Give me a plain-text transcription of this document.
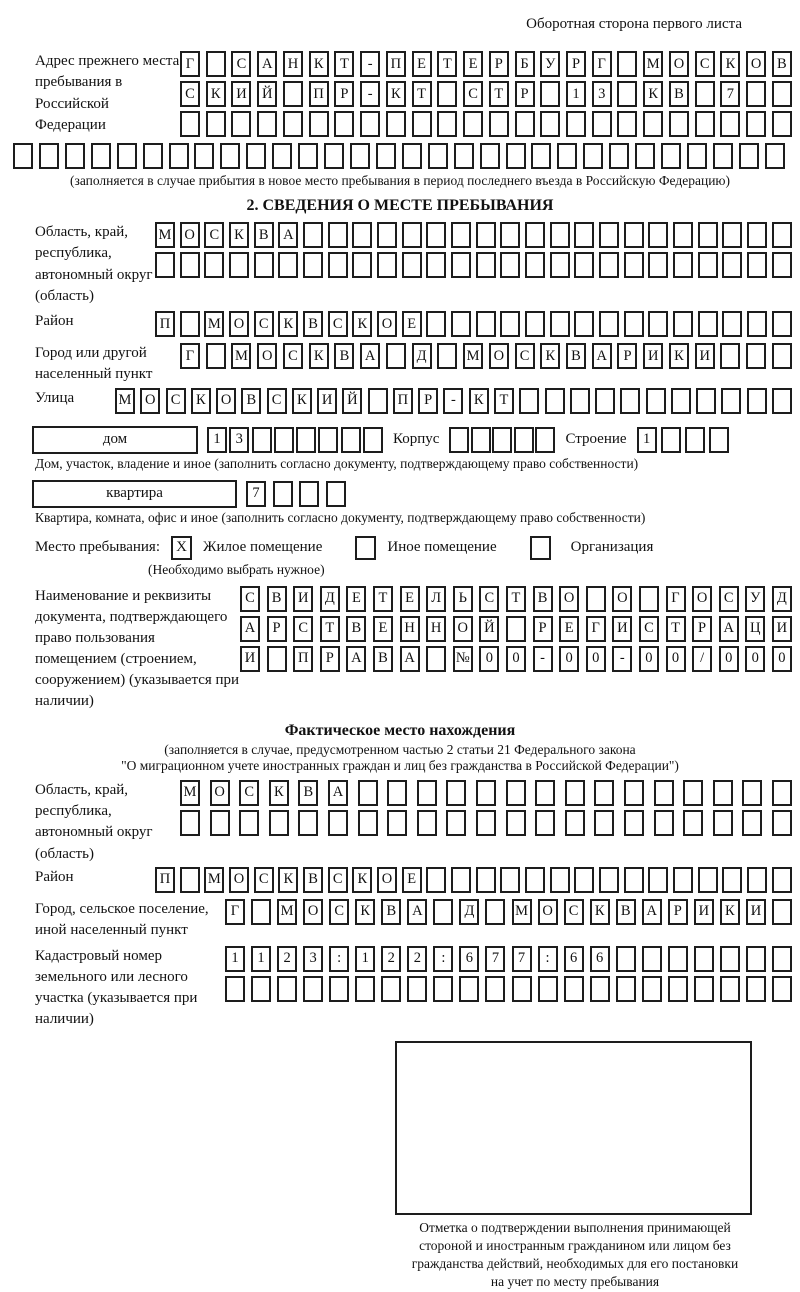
Оборотная сторона первого листа
Адрес прежнего места пребывания в Российской Федерации
Г	С	А	Н	К	Т	-	П	Е	Т	Е	Р	Б	У	Р	Г	М О	С	К	О	В
С	К	И	Й	П	Р	-	К	Т	С	Т	Р	1	3	К	В	7
(заполняется в случае прибытия в новое место пребывания в период последнего въезда в Российскую Федерацию)
2. СВЕДЕНИЯ О МЕСТЕ ПРЕБЫВАНИЯ
Область, край, республика, автономный округ (область)
М О	С	К	В	А
Район	П	М О	С	К	В	С	К	О	Е
Город или другой населенный пункт
Г	М О	С	К	В	А	Д	М О	С	К	В	А	Р	И	К	И
Улица	М О	С	К	О	В	С	К	И	Й	П	Р	-	К	Т
дом	1	3	Корпус	Строение	1
Дом, участок, владение и иное (заполнить согласно документу, подтверждающему право собственности)
квартира	7
Квартира, комната, офис и иное (заполнить согласно документу, подтверждающему право собственности)
Место пребывания:	X	Жилое помещение	Иное помещение	Организация
(Необходимо выбрать нужное)
Наименование и реквизиты документа, подтверждающего право пользования помещением (строением, сооружением) (указывается при наличии)
С	В	И	Д	Е	Т	Е	Л	Ь	С	Т	В	О	О	Г	О	С	У	Д
А	Р	С	Т	В	Е	Н	Н	О	Й	Р	Е	Г	И	С	Т	Р	А	Ц	И
И	П	Р	А	В	А	№	0	0	-	0	0	-	0	0	/	0	0	0
Фактическое место нахождения
(заполняется в случае, предусмотренном частью 2 статьи 21 Федерального закона
"О миграционном учете иностранных граждан и лиц без гражданства в Российской Федерации")
Область, край, республика, автономный округ (область)
М	О	С	К	В	А
Район	П	М О	С	К	В	С	К	О	Е
Город, сельское поселение, иной населенный пункт
Г	М О	С	К	В	А	Д	М О	С	К	В	А	Р	И	К	И
Кадастровый номер земельного или лесного участка (указывается при наличии)
1	1	2	3	:	1	2	2	:	6	7	7	:	6	6
Отметка о подтверждении выполнения принимающей
стороной и иностранным гражданином или лицом без
гражданства действий, необходимых для его постановки
на учет по месту пребывания
